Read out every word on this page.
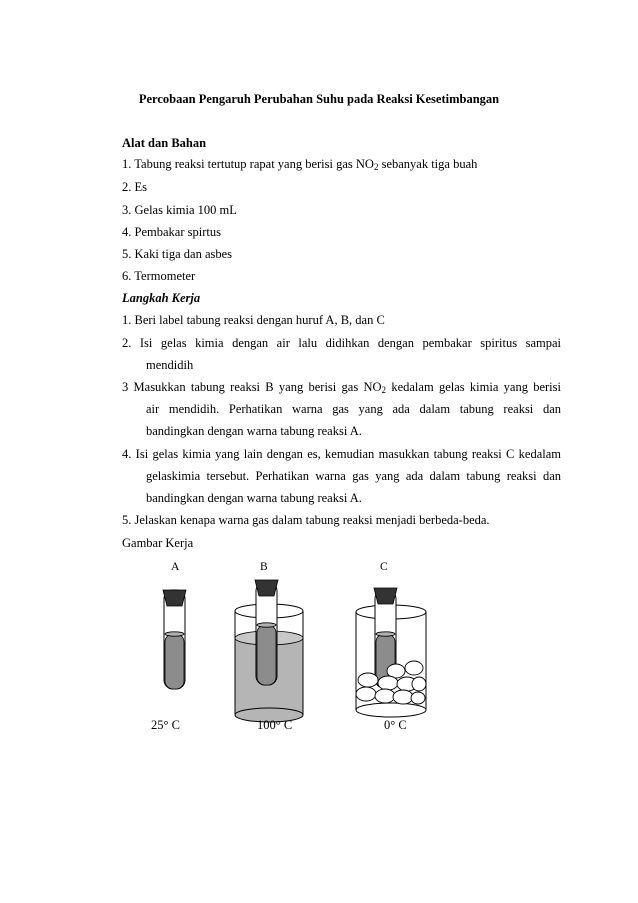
Percobaan Pengaruh Perubahan Suhu pada Reaksi Kesetimbangan
Alat dan Bahan
1. Tabung reaksi tertutup rapat yang berisi gas $NO_2$ sebanyak tiga buah
2. Es
3. Gelas kimia 100 mL
4. Pembakar spirtus
5. Kaki tiga dan asbes
6. Termometer
Langkah Kerja
1. Beri label tabung reaksi dengan huruf A, B, dan C
2. Isi gelas kimia dengan air lalu didihkan dengan pembakar spiritus sampai
mendidih
3 Masukkan tabung reaksi B yang berisi gas $NO_2$ kedalam gelas kimia yang berisi
air mendidih. Perhatikan warna gas yang ada dalam tabung reaksi dan
bandingkan dengan warna tabung reaksi A.
4. Isi gelas kimia yang lain dengan es, kemudian masukkan tabung reaksi C kedalam
gelaskimia tersebut. Perhatikan warna gas yang ada dalam tabung reaksi dan
bandingkan dengan warna tabung reaksi A.
5. Jelaskan kenapa warna gas dalam tabung reaksi menjadi berbeda-beda.
Gambar Kerja
A	B	C
25° C	100° C	0° C
